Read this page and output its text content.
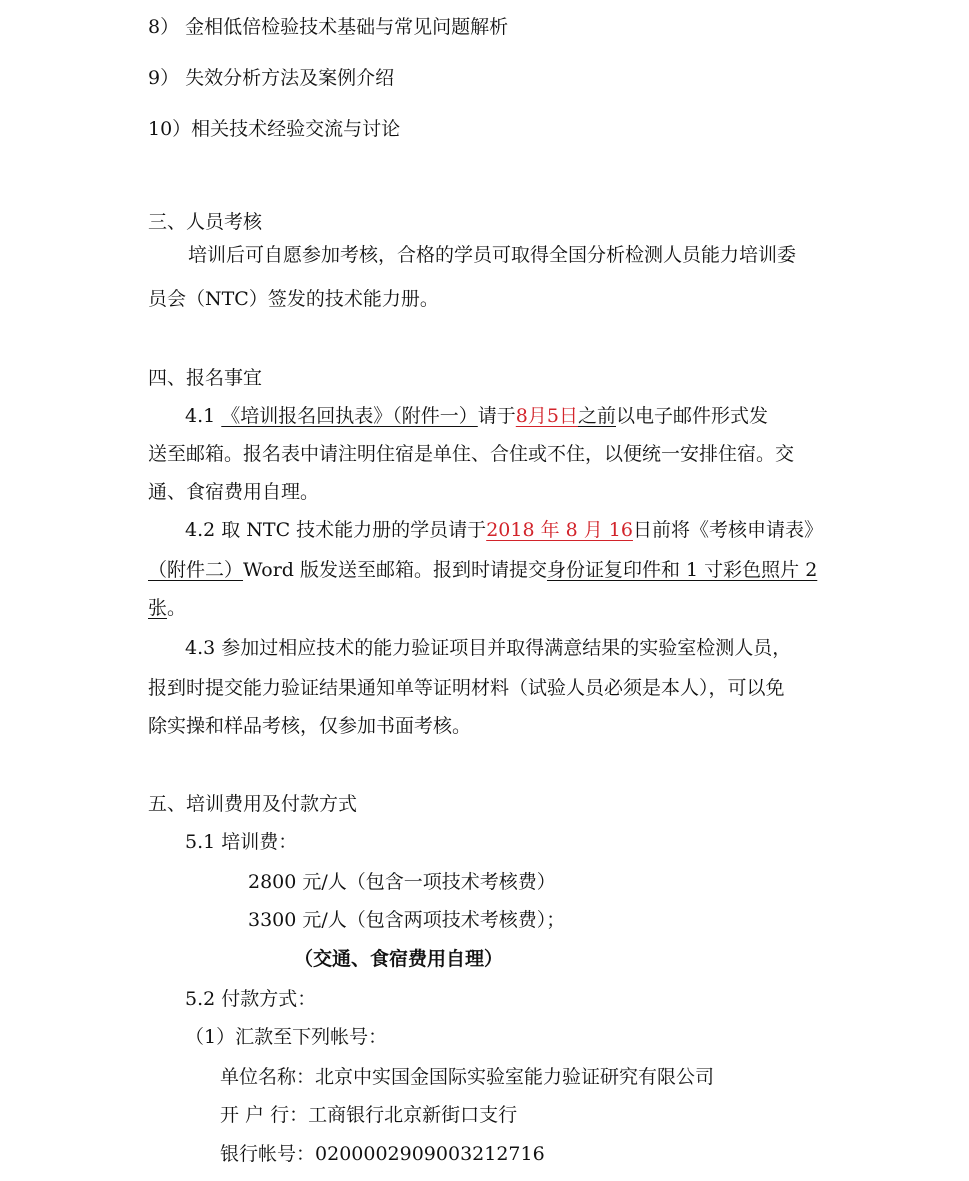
8） 金相低倍检验技术基础与常见问题解析
9） 失效分析方法及案例介绍
10）相关技术经验交流与讨论
三、人员考核
培训后可自愿参加考核，合格的学员可取得全国分析检测人员能力培训委
员会（NTC）签发的技术能力册。
四、报名事宜
4.1 《培训报名回执表》（附件一）请于8月5日之前以电子邮件形式发
送至邮箱。报名表中请注明住宿是单住、合住或不住，以便统一安排住宿。交
通、食宿费用自理。
4.2 取 NTC 技术能力册的学员请于2018 年 8 月 16日前将《考核申请表》
（附件二）Word 版发送至邮箱。报到时请提交身份证复印件和 1 寸彩色照片 2
张。
4.3 参加过相应技术的能力验证项目并取得满意结果的实验室检测人员，
报到时提交能力验证结果通知单等证明材料（试验人员必须是本人），可以免
除实操和样品考核，仅参加书面考核。
五、培训费用及付款方式
5.1 培训费：
2800 元/人（包含一项技术考核费）
3300 元/人（包含两项技术考核费）；
（交通、食宿费用自理）
5.2 付款方式：
（1）汇款至下列帐号：
单位名称：北京中实国金国际实验室能力验证研究有限公司
开 户 行：工商银行北京新街口支行
银行帐号：0200002909003212716
